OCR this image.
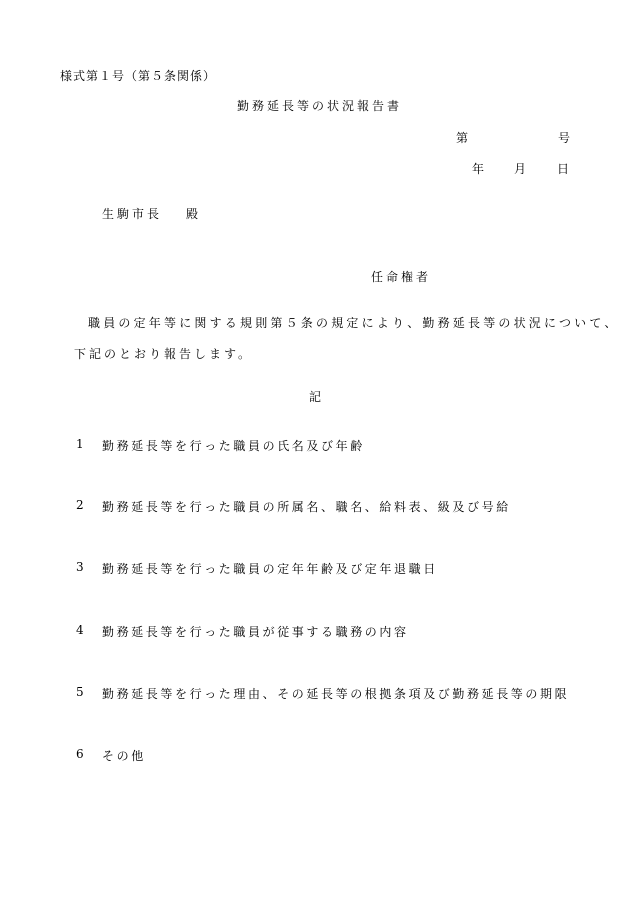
様式第１号（第５条関係）
勤務延長等の状況報告書
第	号
年 月 日
生駒市長 殿
任命権者
職員の定年等に関する規則第５条の規定により、勤務延長等の状況について、
下記のとおり報告します。
記
1 勤務延長等を行った職員の氏名及び年齢
2 勤務延長等を行った職員の所属名、職名、給料表、級及び号給
3 勤務延長等を行った職員の定年年齢及び定年退職日
4 勤務延長等を行った職員が従事する職務の内容
5 勤務延長等を行った理由、その延長等の根拠条項及び勤務延長等の期限
6 その他
